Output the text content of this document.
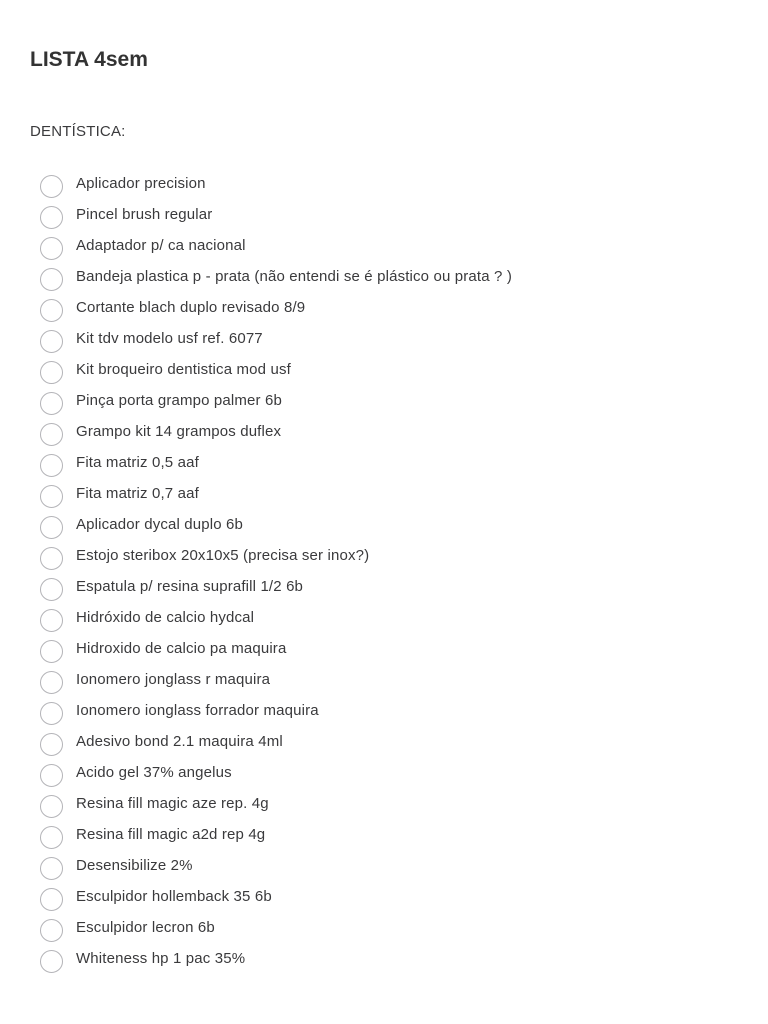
LISTA 4sem
DENTÍSTICA:
Aplicador precision
Pincel brush regular
Adaptador p/ ca nacional
Bandeja plastica p - prata (não entendi se é plástico ou prata ? )
Cortante blach duplo revisado 8/9
Kit tdv modelo usf ref. 6077
Kit broqueiro dentistica mod usf
Pinça porta grampo palmer 6b
Grampo kit 14 grampos duflex
Fita matriz 0,5 aaf
Fita matriz 0,7 aaf
Aplicador dycal duplo 6b
Estojo steribox 20x10x5 (precisa ser inox?)
Espatula p/ resina suprafill 1/2 6b
Hidróxido de calcio hydcal
Hidroxido de calcio pa maquira
Ionomero jonglass r maquira
Ionomero ionglass forrador maquira
Adesivo bond 2.1 maquira 4ml
Acido gel 37% angelus
Resina fill magic aze rep. 4g
Resina fill magic a2d rep 4g
Desensibilize 2%
Esculpidor hollemback 35 6b
Esculpidor lecron 6b
Whiteness hp 1 pac 35%
